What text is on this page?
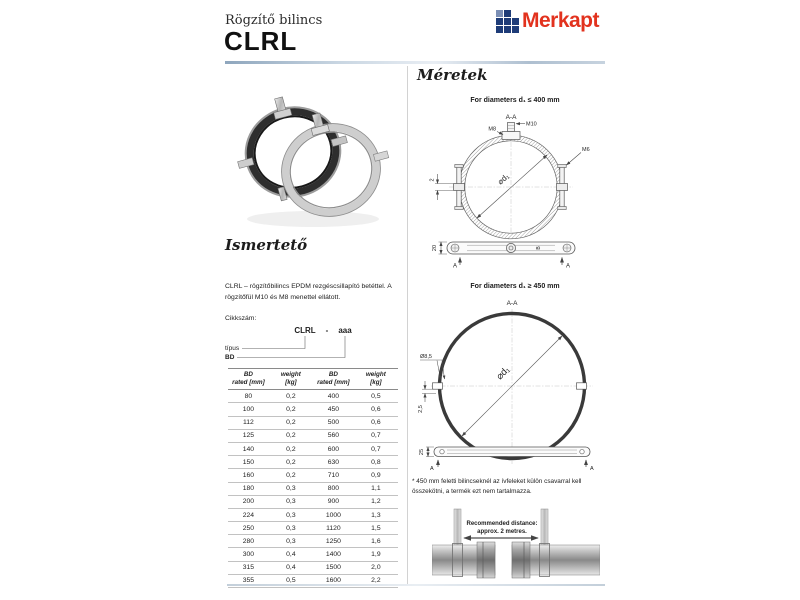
Rögzítő bilincs
CLRL
Merkapt
Ismertető
CLRL – rögzítőbilincs EPDM rezgéscsillapító betéttel. A rögzítőfül M10 és M8 menettel ellátott.
Cikkszám:
CLRL - aaa
típus
BD
BD
rated [mm]

weight
[kg]

BD
rated [mm]

weight
[kg]

80	0,2	400	0,5
100	0,2	450	0,6
112	0,2	500	0,6
125	0,2	560	0,7
140	0,2	600	0,7
150	0,2	630	0,8
160	0,2	710	0,9
180	0,3	800	1,1
200	0,3	900	1,2
224	0,3	1000	1,3
250	0,3	1120	1,5
280	0,3	1250	1,6
300	0,4	1400	1,9
315	0,4	1500	2,0
355	0,5	1600	2,2
Méretek
For diameters d₁ ≤ 400 mm
A-A
M10
M8
M6
2	⌀d₁
B
20
A	A
For diameters d₁ ≥ 450 mm
A-A
⌀d₁
Ø8,5
2,5
25
A	A
* 450 mm feletti bilincseknél az ívfeleket külön csavarral kell összekötni, a termék ezt nem tartalmazza.
Recommended distance:
approx. 2 metres.
